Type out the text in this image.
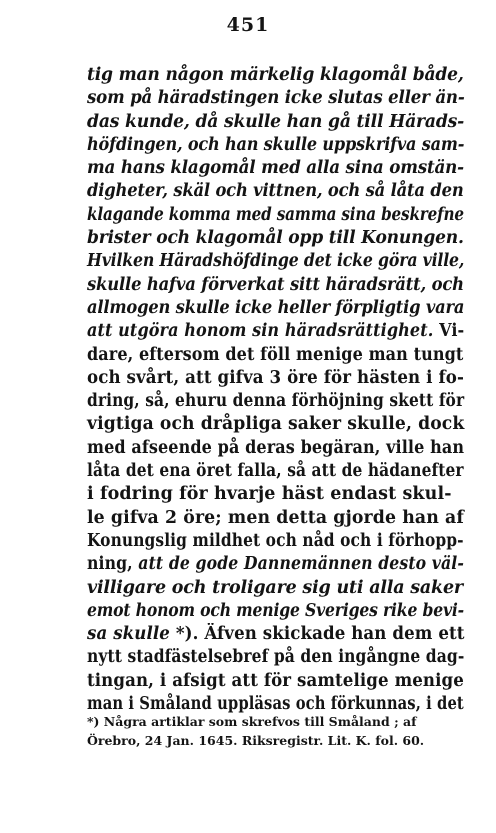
451
tig man någon märkelig klagomål både,
som på häradstingen icke slutas eller än-
das kunde, då skulle han gå till Härads-
höfdingen, och han skulle uppskrifva sam-
ma hans klagomål med alla sina omstän-
digheter, skäl och vittnen, och så låta den
klagande komma med samma sina beskrefne
brister och klagomål opp till Konungen.
Hvilken Häradshöfdinge det icke göra ville,
skulle hafva förverkat sitt häradsrätt, och
allmogen skulle icke heller förpligtig vara
att utgöra honom sin häradsrättighet. Vi-
dare, eftersom det föll menige man tungt
och svårt, att gifva 3 öre för hästen i fo-
dring, så, ehuru denna förhöjning skett för
vigtiga och dråpliga saker skulle, dock
med afseende på deras begäran, ville han
låta det ena öret falla, så att de hädanefter
i fodring för hvarje häst endast skul-
le gifva 2 öre; men detta gjorde han af
Konungslig mildhet och nåd och i förhopp-
ning, att de gode Dannemännen desto väl-
villigare och troligare sig uti alla saker
emot honom och menige Sveriges rike bevi-
sa skulle *). Äfven skickade han dem ett
nytt stadfästelsebref på den ingångne dag-
tingan, i afsigt att för samtelige menige
man i Småland uppläsas och förkunnas, i det
*) Några artiklar som skrefvos till Småland ; af
Örebro, 24 Jan. 1645. Riksregistr. Lit. K. fol. 60.
